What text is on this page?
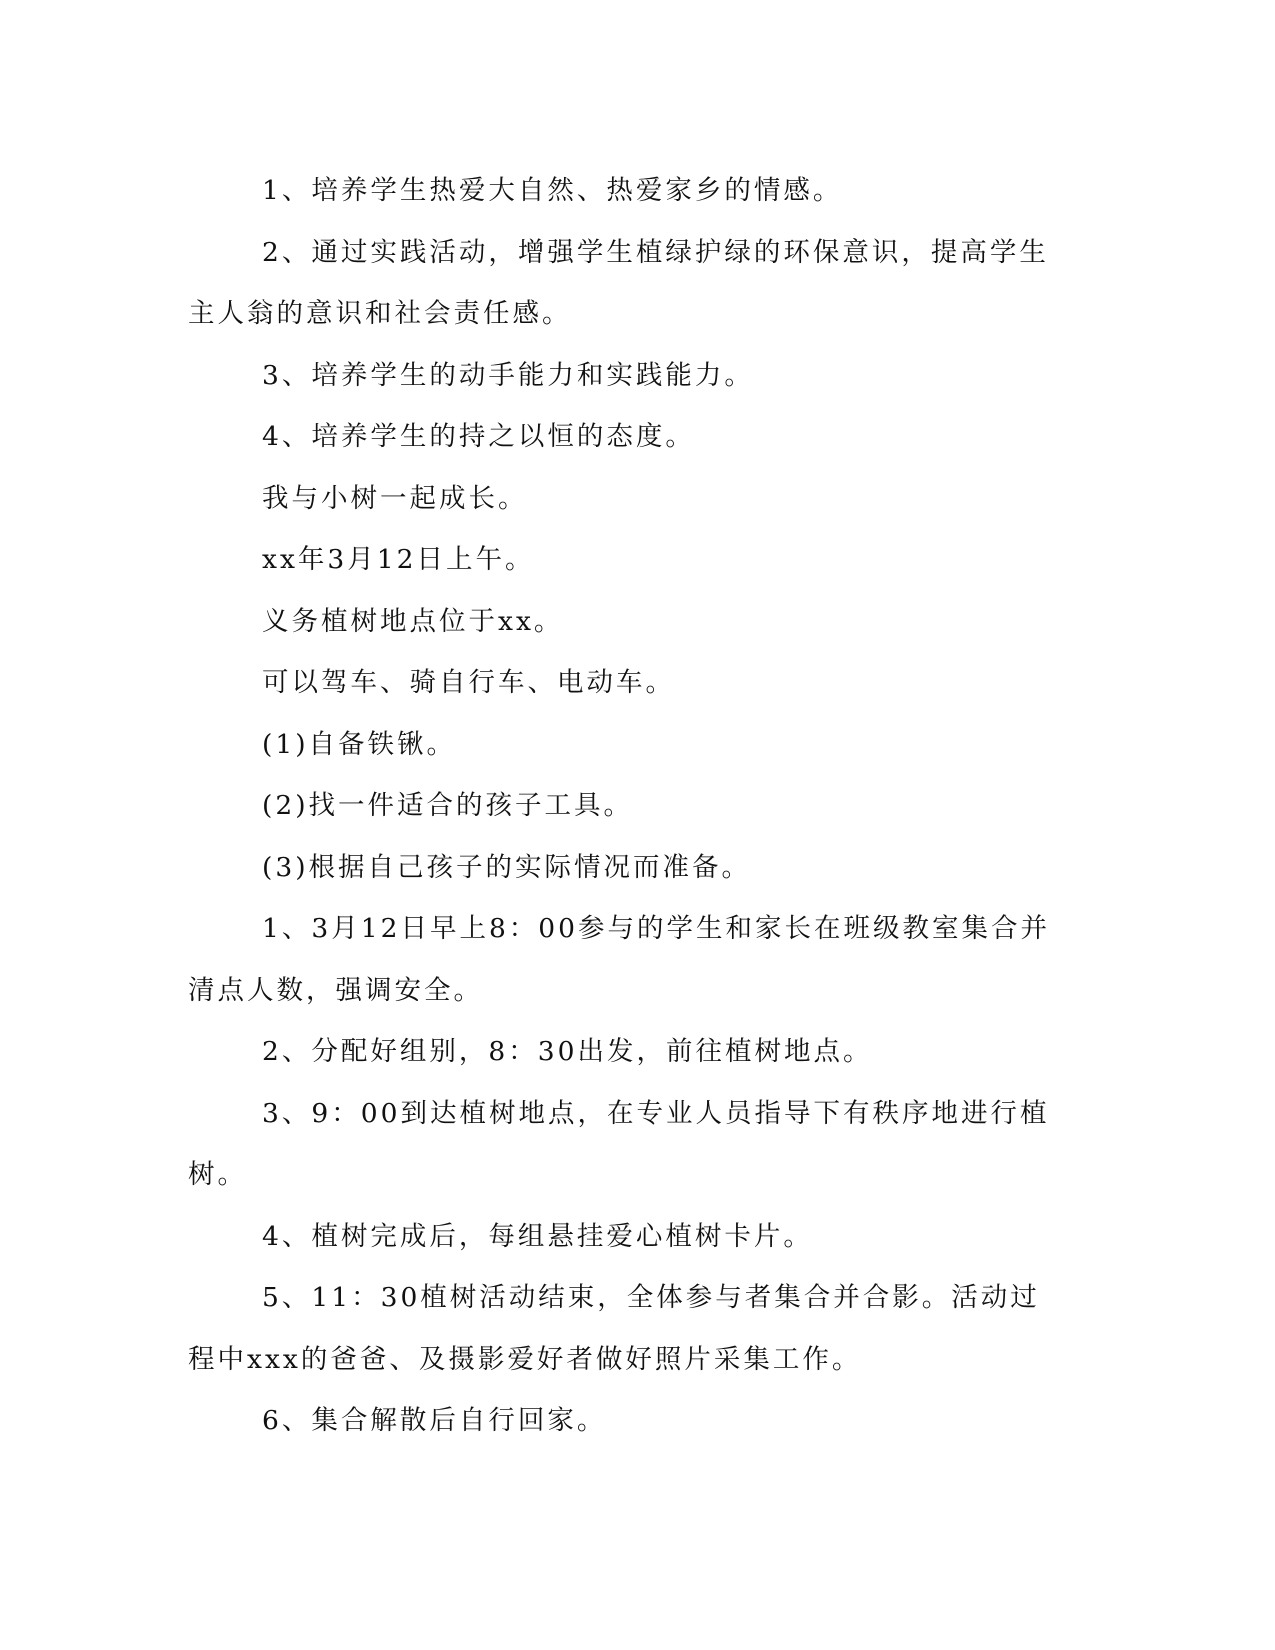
1、培养学生热爱大自然、热爱家乡的情感。

2、通过实践活动，增强学生植绿护绿的环保意识，提高学生主人翁的意识和社会责任感。

3、培养学生的动手能力和实践能力。

4、培养学生的持之以恒的态度。

我与小树一起成长。

xx年3月12日上午。

义务植树地点位于xx。

可以驾车、骑自行车、电动车。

(1)自备铁锹。

(2)找一件适合的孩子工具。

(3)根据自己孩子的实际情况而准备。

1、3月12日早上8：00参与的学生和家长在班级教室集合并清点人数，强调安全。

2、分配好组别，8：30出发，前往植树地点。

3、9：00到达植树地点，在专业人员指导下有秩序地进行植树。

4、植树完成后，每组悬挂爱心植树卡片。

5、11：30植树活动结束，全体参与者集合并合影。活动过程中xxx的爸爸、及摄影爱好者做好照片采集工作。

6、集合解散后自行回家。
